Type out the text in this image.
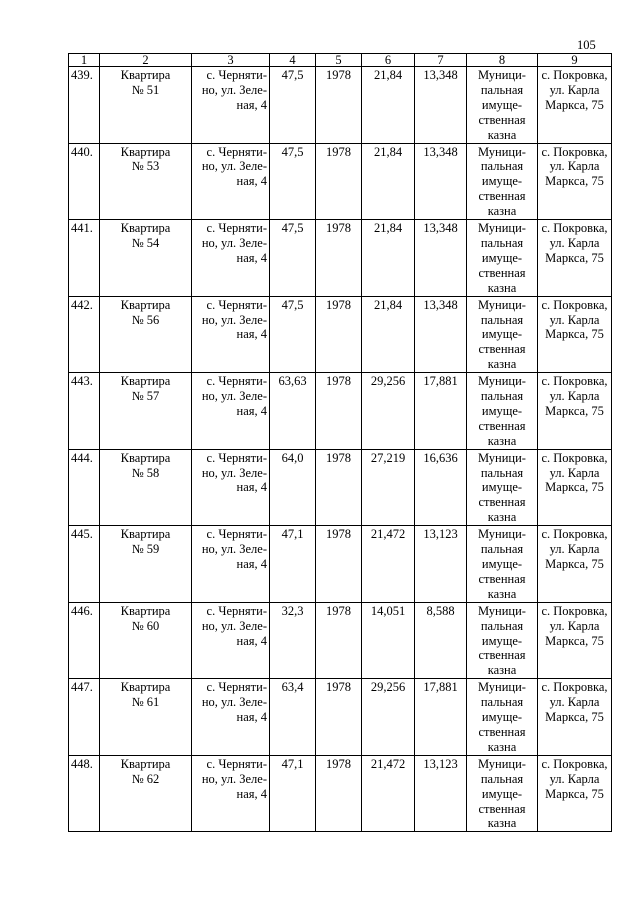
105
1	2	3	4	5	6	7	8	9
439.	Квартира
№ 51	с. Черняти-
но, ул. Зеле-
ная, 4	47,5	1978	21,84	13,348	Муници-
пальная
имуще-
ственная
казна	с. Покровка,
ул. Карла
Маркса, 75

440.	Квартира
№ 53	с. Черняти-
но, ул. Зеле-
ная, 4	47,5	1978	21,84	13,348	Муници-
пальная
имуще-
ственная
казна	с. Покровка,
ул. Карла
Маркса, 75

441.	Квартира
№ 54	с. Черняти-
но, ул. Зеле-
ная, 4	47,5	1978	21,84	13,348	Муници-
пальная
имуще-
ственная
казна	с. Покровка,
ул. Карла
Маркса, 75

442.	Квартира
№ 56	с. Черняти-
но, ул. Зеле-
ная, 4	47,5	1978	21,84	13,348	Муници-
пальная
имуще-
ственная
казна	с. Покровка,
ул. Карла
Маркса, 75

443.	Квартира
№ 57	с. Черняти-
но, ул. Зеле-
ная, 4	63,63	1978	29,256	17,881	Муници-
пальная
имуще-
ственная
казна	с. Покровка,
ул. Карла
Маркса, 75

444.	Квартира
№ 58	с. Черняти-
но, ул. Зеле-
ная, 4	64,0	1978	27,219	16,636	Муници-
пальная
имуще-
ственная
казна	с. Покровка,
ул. Карла
Маркса, 75

445.	Квартира
№ 59	с. Черняти-
но, ул. Зеле-
ная, 4	47,1	1978	21,472	13,123	Муници-
пальная
имуще-
ственная
казна	с. Покровка,
ул. Карла
Маркса, 75

446.	Квартира
№ 60	с. Черняти-
но, ул. Зеле-
ная, 4	32,3	1978	14,051	8,588	Муници-
пальная
имуще-
ственная
казна	с. Покровка,
ул. Карла
Маркса, 75

447.	Квартира
№ 61	с. Черняти-
но, ул. Зеле-
ная, 4	63,4	1978	29,256	17,881	Муници-
пальная
имуще-
ственная
казна	с. Покровка,
ул. Карла
Маркса, 75

448.	Квартира
№ 62	с. Черняти-
но, ул. Зеле-
ная, 4	47,1	1978	21,472	13,123	Муници-
пальная
имуще-
ственная
казна	с. Покровка,
ул. Карла
Маркса, 75
